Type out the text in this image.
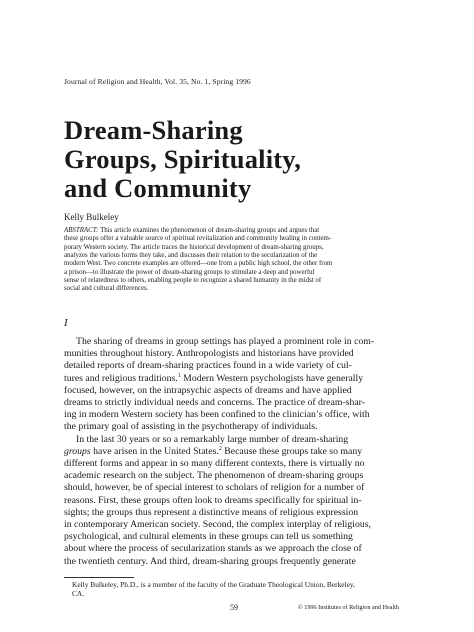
Journal of Religion and Health, Vol. 35, No. 1, Spring 1996
Dream-Sharing
Groups, Spirituality,
and Community
Kelly Bulkeley
ABSTRACT: This article examines the phenomenon of dream-sharing groups and argues that
these groups offer a valuable source of spiritual revitalization and community healing in contem-
porary Western society. The article traces the historical development of dream-sharing groups,
analyzes the various forms they take, and discusses their relation to the secularization of the
modern West. Two concrete examples are offered—one from a public high school, the other from
a prison—to illustrate the power of dream-sharing groups to stimulate a deep and powerful
sense of relatedness to others, enabling people to recognize a shared humanity in the midst of
social and cultural differences.
I
The sharing of dreams in group settings has played a prominent role in com-
munities throughout history. Anthropologists and historians have provided
detailed reports of dream-sharing practices found in a wide variety of cul-
tures and religious traditions.$^1$ Modern Western psychologists have generally
focused, however, on the intrapsychic aspects of dreams and have applied
dreams to strictly individual needs and concerns. The practice of dream-shar-
ing in modern Western society has been confined to the clinician’s office, with
the primary goal of assisting in the psychotherapy of individuals.
In the last 30 years or so a remarkably large number of dream-sharing
groups have arisen in the United States.$^2$ Because these groups take so many
different forms and appear in so many different contexts, there is virtually no
academic research on the subject. The phenomenon of dream-sharing groups
should, however, be of special interest to scholars of religion for a number of
reasons. First, these groups often look to dreams specifically for spiritual in-
sights; the groups thus represent a distinctive means of religious expression
in contemporary American society. Second, the complex interplay of religious,
psychological, and cultural elements in these groups can tell us something
about where the process of secularization stands as we approach the close of
the twentieth century. And third, dream-sharing groups frequently generate
Kelly Bulkeley, Ph.D., is a member of the faculty of the Graduate Theological Union, Berkeley,
CA.
59	© 1996 Institutes of Religion and Health
